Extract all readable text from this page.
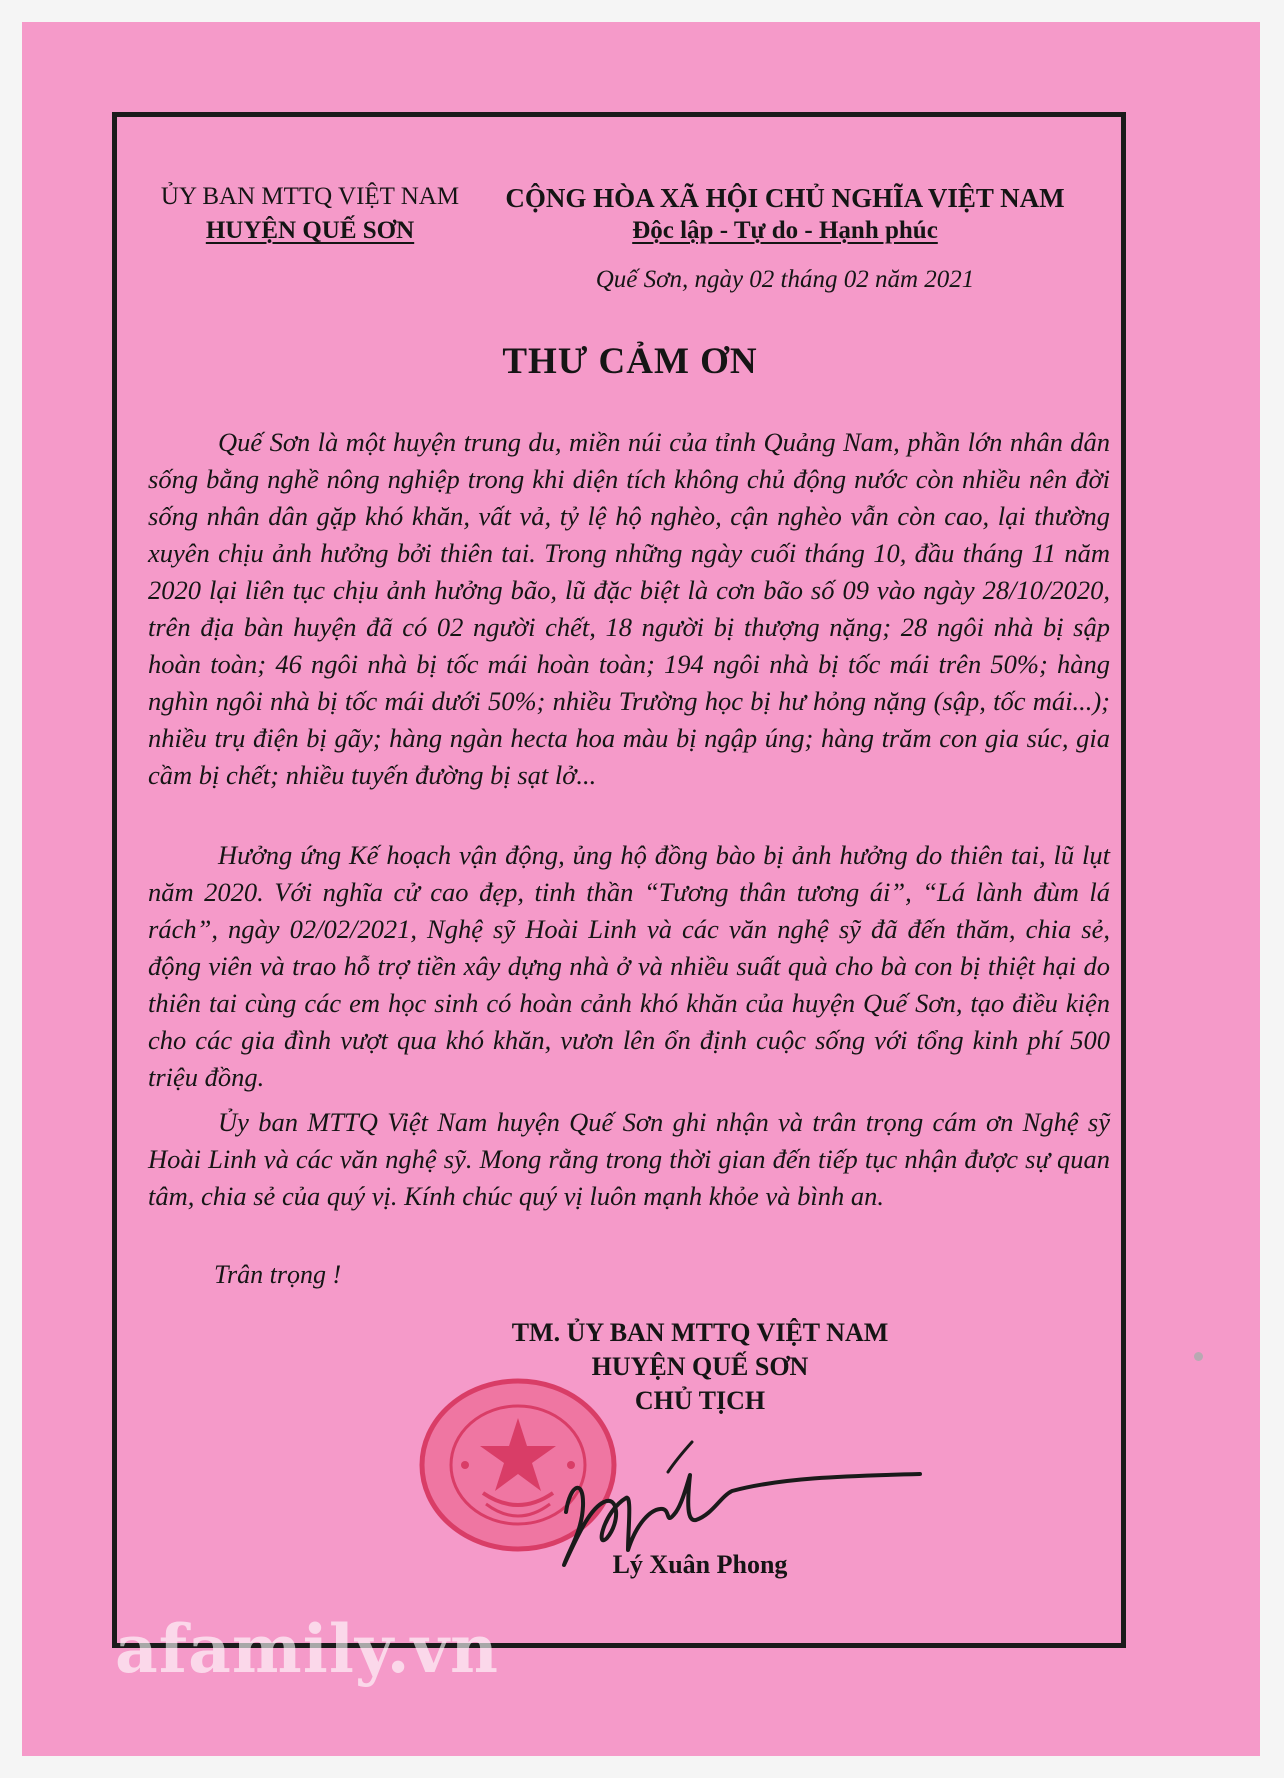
ỦY BAN MTTQ VIỆT NAM
HUYỆN QUẾ SƠN
CỘNG HÒA XÃ HỘI CHỦ NGHĨA VIỆT NAM
Độc lập - Tự do - Hạnh phúc
Quế Sơn, ngày 02 tháng 02 năm 2021
THƯ CẢM ƠN
Quế Sơn là một huyện trung du, miền núi của tỉnh Quảng Nam, phần lớn nhân dân sống bằng nghề nông nghiệp trong khi diện tích không chủ động nước còn nhiều nên đời sống nhân dân gặp khó khăn, vất vả, tỷ lệ hộ nghèo, cận nghèo vẫn còn cao, lại thường xuyên chịu ảnh hưởng bởi thiên tai. Trong những ngày cuối tháng 10, đầu tháng 11 năm 2020 lại liên tục chịu ảnh hưởng bão, lũ đặc biệt là cơn bão số 09 vào ngày 28/10/2020, trên địa bàn huyện đã có 02 người chết, 18 người bị thượng nặng; 28 ngôi nhà bị sập hoàn toàn; 46 ngôi nhà bị tốc mái hoàn toàn; 194 ngôi nhà bị tốc mái trên 50%; hàng nghìn ngôi nhà bị tốc mái dưới 50%; nhiều Trường học bị hư hỏng nặng (sập, tốc mái...); nhiều trụ điện bị gãy; hàng ngàn hecta hoa màu bị ngập úng; hàng trăm con gia súc, gia cầm bị chết; nhiều tuyến đường bị sạt lở...
Hưởng ứng Kế hoạch vận động, ủng hộ đồng bào bị ảnh hưởng do thiên tai, lũ lụt năm 2020. Với nghĩa cử cao đẹp, tinh thần “Tương thân tương ái”, “Lá lành đùm lá rách”, ngày 02/02/2021, Nghệ sỹ Hoài Linh và các văn nghệ sỹ đã đến thăm, chia sẻ, động viên và trao hỗ trợ tiền xây dựng nhà ở và nhiều suất quà cho bà con bị thiệt hại do thiên tai cùng các em học sinh có hoàn cảnh khó khăn của huyện Quế Sơn, tạo điều kiện cho các gia đình vượt qua khó khăn, vươn lên ổn định cuộc sống với tổng kinh phí 500 triệu đồng.
Ủy ban MTTQ Việt Nam huyện Quế Sơn ghi nhận và trân trọng cám ơn Nghệ sỹ Hoài Linh và các văn nghệ sỹ. Mong rằng trong thời gian đến tiếp tục nhận được sự quan tâm, chia sẻ của quý vị. Kính chúc quý vị luôn mạnh khỏe và bình an.
Trân trọng !
TM. ỦY BAN MTTQ VIỆT NAM
HUYỆN QUẾ SƠN
CHỦ TỊCH
Lý Xuân Phong
afamily.vn
